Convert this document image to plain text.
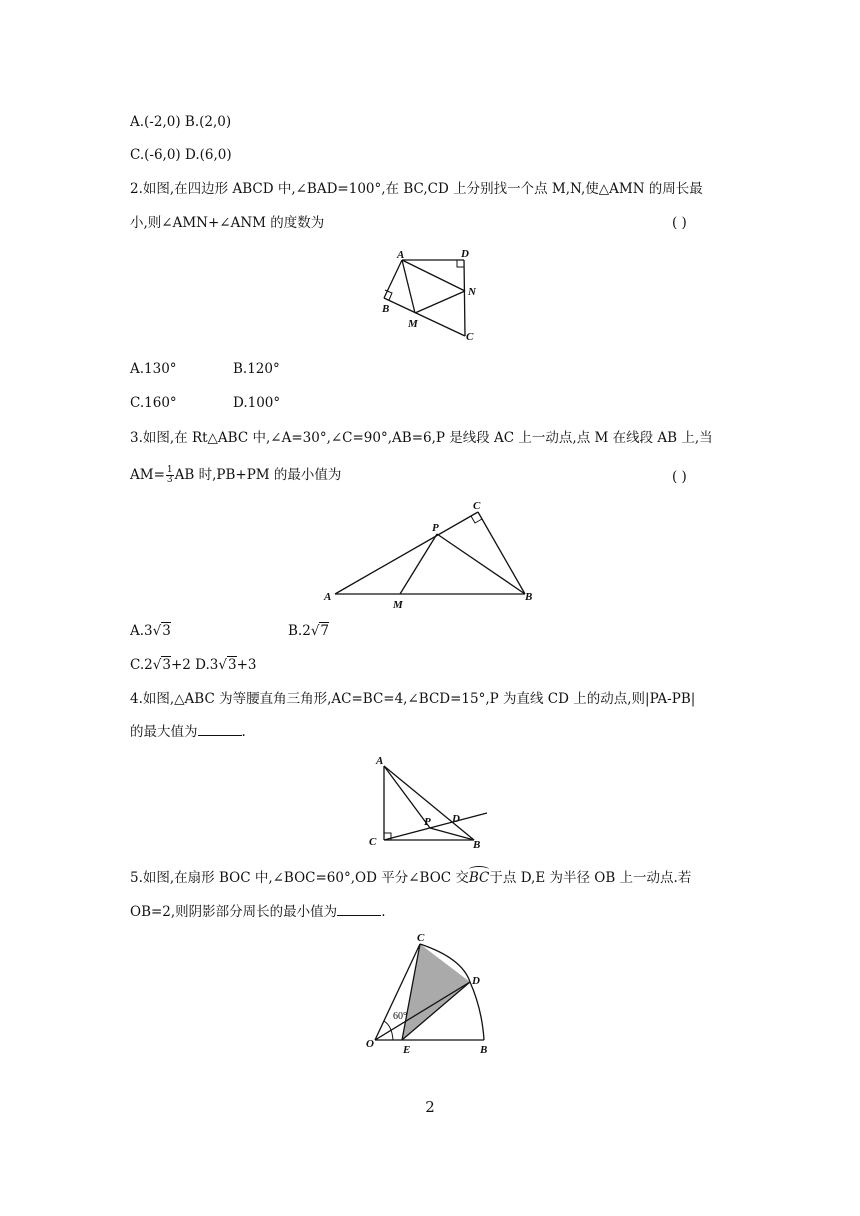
A.(-2,0) B.(2,0)
C.(-6,0) D.(6,0)
2.如图,在四边形 ABCD 中,∠BAD=100°,在 BC,CD 上分别找一个点 M,N,使△AMN 的周长最
小,则∠AMN+∠ANM 的度数为	( )
A	D
N
B
M
C
A.130°	B.120°
C.160°	D.100°
3.如图,在 Rt△ABC 中,∠A=30°,∠C=90°,AB=6,P 是线段 AC 上一动点,点 M 在线段 AB 上,当
$AM= \frac{1}{3}$ AB 时,PB+PM 的最小值为	( )
C
P
A
M
B
A.3√3	B.2√7
C.2√3+2 D.3√3+3
4.如图,△ABC 为等腰直角三角形,AC=BC=4,∠BCD=15°,P 为直线 CD 上的动点,则|PA-PB|
的最大值为	.
A
C
P D
B
5.如图,在扇形 BOC 中,∠BOC=60°,OD 平分∠BOC 交BC于点 D,E 为半径 OB 上一动点.若
OB=2,则阴影部分周长的最小值为	.
C
D
60°
O	E	B
2
